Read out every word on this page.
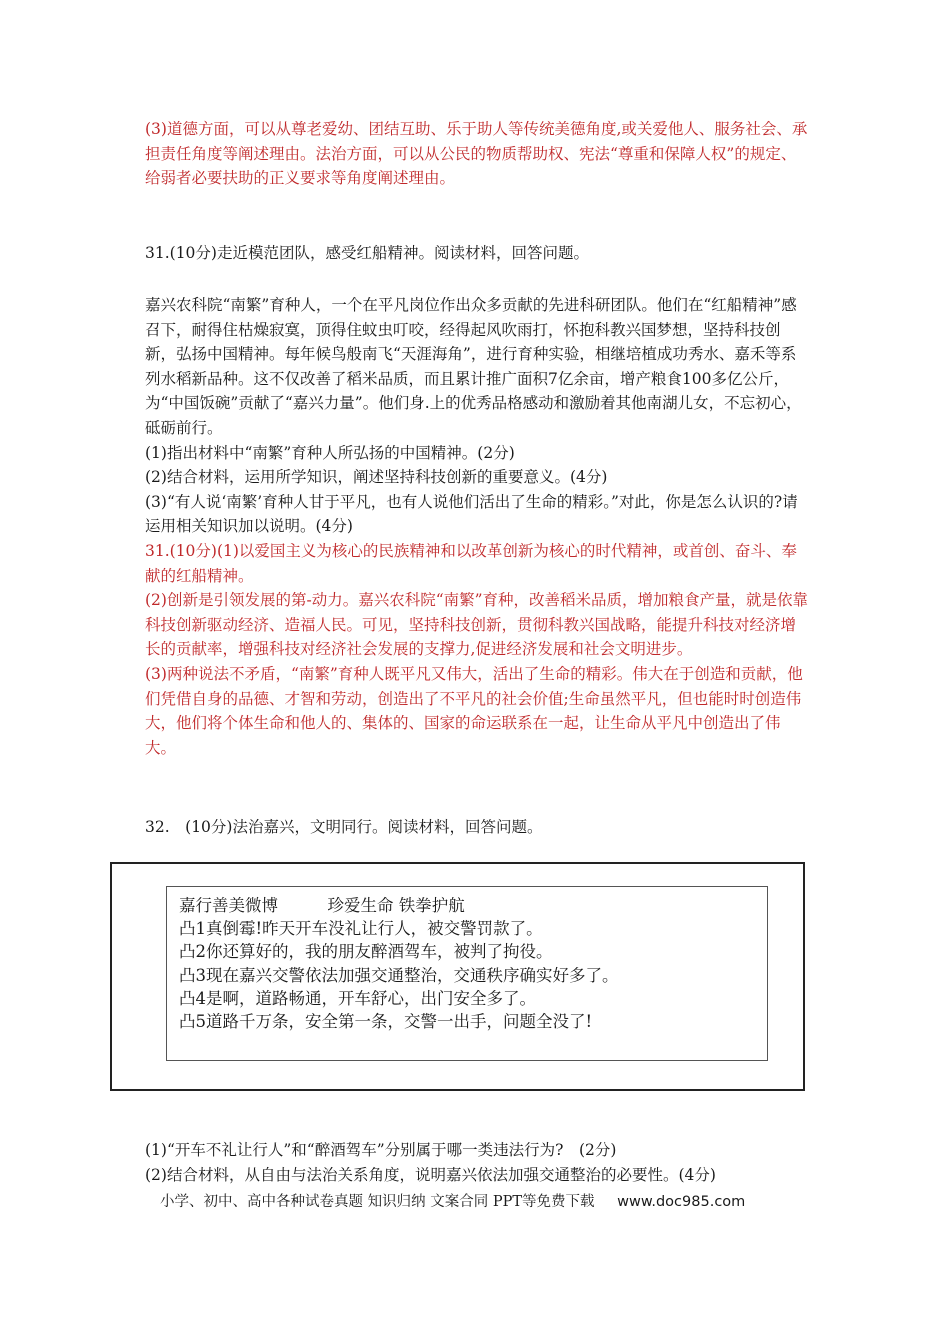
(3)道德方面，可以从尊老爱幼、团结互助、乐于助人等传统美德角度,或关爱他人、服务社会、承担责任角度等阐述理由。法治方面，可以从公民的物质帮助权、宪法“尊重和保障人权”的规定、给弱者必要扶助的正义要求等角度阐述理由。

31.(10分)走近模范团队，感受红船精神。阅读材料，回答问题。

嘉兴农科院“南繁”育种人，一个在平凡岗位作出众多贡献的先进科研团队。他们在“红船精神”感召下，耐得住枯燥寂寞，顶得住蚊虫叮咬，经得起风吹雨打，怀抱科教兴国梦想，坚持科技创新，弘扬中国精神。每年候鸟般南飞“天涯海角”，进行育种实验，相继培植成功秀水、嘉禾等系列水稻新品种。这不仅改善了稻米品质，而且累计推广面积7亿余亩，增产粮食100多亿公斤，为“中国饭碗”贡献了“嘉兴力量”。他们身.上的优秀品格感动和激励着其他南湖儿女，不忘初心，砥砺前行。

(1)指出材料中“南繁”育种人所弘扬的中国精神。(2分)

(2)结合材料，运用所学知识，阐述坚持科技创新的重要意义。(4分)

(3)“有人说‘南繁’育种人甘于平凡，也有人说他们活出了生命的精彩。”对此，你是怎么认识的?请运用相关知识加以说明。(4分)

31.(10分)(1)以爱国主义为核心的民族精神和以改革创新为核心的时代精神，或首创、奋斗、奉献的红船精神。

(2)创新是引领发展的第-动力。嘉兴农科院“南繁”育种，改善稻米品质，增加粮食产量，就是依靠科技创新驱动经济、造福人民。可见，坚持科技创新，贯彻科教兴国战略，能提升科技对经济增长的贡献率，增强科技对经济社会发展的支撑力,促进经济发展和社会文明进步。

(3)两种说法不矛盾，“南繁”育种人既平凡又伟大，活出了生命的精彩。伟大在于创造和贡献，他们凭借自身的品德、才智和劳动，创造出了不平凡的社会价值;生命虽然平凡，但也能时时创造伟大，他们将个体生命和他人的、集体的、国家的命运联系在一起，让生命从平凡中创造出了伟大。

32.　(10分)法治嘉兴，文明同行。阅读材料，回答问题。

嘉行善美微博　　　珍爱生命 铁拳护航

凸1真倒霉!昨天开车没礼让行人，被交警罚款了。

凸2你还算好的，我的朋友醉酒驾车，被判了拘役。

凸3现在嘉兴交警依法加强交通整治，交通秩序确实好多了。

凸4是啊，道路畅通，开车舒心，出门安全多了。

凸5道路千万条，安全第一条，交警一出手，问题全没了!

(1)“开车不礼让行人”和“醉酒驾车”分别属于哪一类违法行为?　(2分)

(2)结合材料，从自由与法治关系角度，说明嘉兴依法加强交通整治的必要性。(4分)

小学、初中、高中各种试卷真题 知识归纳 文案合同 PPT等免费下载 www.doc985.com
